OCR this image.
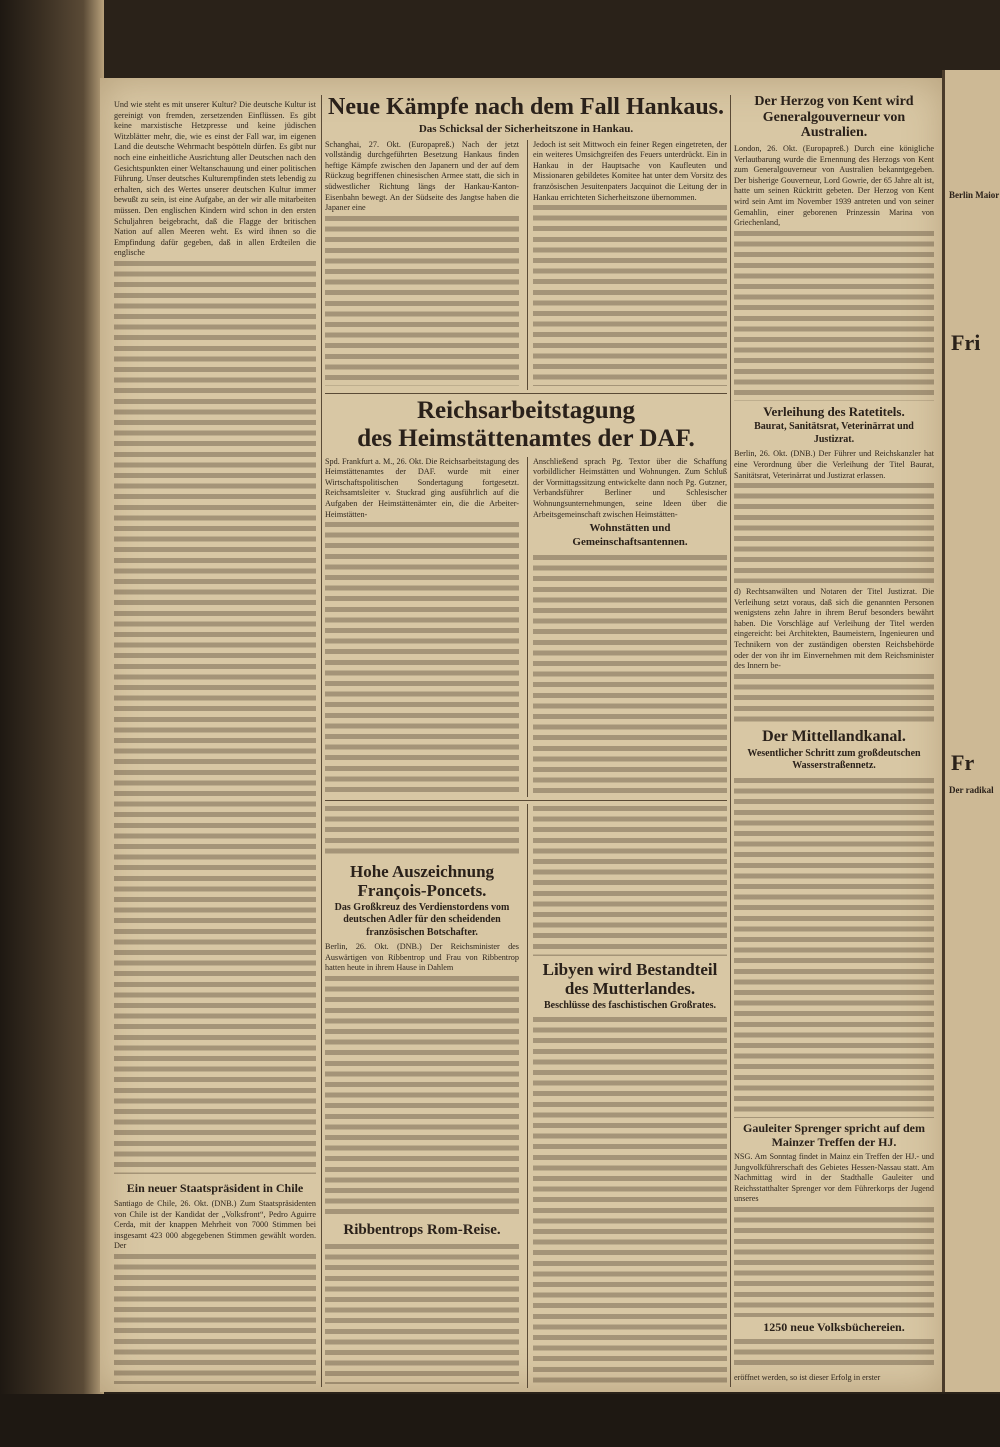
Berlin Maior
Fri
Fr
Der radikal

Und wie steht es mit unserer Kultur? Die deutsche Kultur ist gereinigt von fremden, zersetzenden Einflüssen. Es gibt keine marxistische Hetzpresse und keine jüdischen Witzblätter mehr, die, wie es einst der Fall war, im eigenen Land die deutsche Wehrmacht bespötteln dürfen. Es gibt nur noch eine einheitliche Ausrichtung aller Deutschen nach den Gesichtspunkten einer Weltanschauung und einer politischen Führung. Unser deutsches Kulturempfinden stets lebendig zu erhalten, sich des Wertes unserer deutschen Kultur immer bewußt zu sein, ist eine Aufgabe, an der wir alle mitarbeiten müssen. Den englischen Kindern wird schon in den ersten Schuljahren beigebracht, daß die Flagge der britischen Nation auf allen Meeren weht. Es wird ihnen so die Empfindung dafür gegeben, daß in allen Erdteilen die englische

Ein neuer Staatspräsident in Chile

Santiago de Chile, 26. Okt. (DNB.) Zum Staatspräsidenten von Chile ist der Kandidat der „Volksfront“, Pedro Aguirre Cerda, mit der knappen Mehrheit von 7000 Stimmen bei insgesamt 423 000 abgegebenen Stimmen gewählt worden. Der

Neue Kämpfe nach dem Fall Hankaus.
Das Schicksal der Sicherheitszone in Hankau.

Schanghai, 27. Okt. (Europapreß.) Nach der jetzt vollständig durchgeführten Besetzung Hankaus finden heftige Kämpfe zwischen den Japanern und der auf dem Rückzug begriffenen chinesischen Armee statt, die sich in südwestlicher Richtung längs der Hankau-Kanton-Eisenbahn bewegt. An der Südseite des Jangtse haben die Japaner eine

Jedoch ist seit Mittwoch ein feiner Regen eingetreten, der ein weiteres Umsichgreifen des Feuers unterdrückt. Ein in Hankau in der Hauptsache von Kaufleuten und Missionaren gebildetes Komitee hat unter dem Vorsitz des französischen Jesuitenpaters Jacquinot die Leitung der in Hankau errichteten Sicherheitszone übernommen.

Reichsarbeitstagung
des Heimstättenamtes der DAF.

Spd. Frankfurt a. M., 26. Okt. Die Reichsarbeitstagung des Heimstättenamtes der DAF. wurde mit einer Wirtschaftspolitischen Sondertagung fortgesetzt. Reichsamtsleiter v. Stuckrad ging ausführlich auf die Aufgaben der Heimstättenämter ein, die die Arbeiter-Heimstätten-

Anschließend sprach Pg. Textor über die Schaffung vorbildlicher Heimstätten und Wohnungen. Zum Schluß der Vormittagssitzung entwickelte dann noch Pg. Gutzner, Verbandsführer Berliner und Schlesischer Wohnungsunternehmungen, seine Ideen über die Arbeitsgemeinschaft zwischen Heimstätten-

Wohnstätten und Gemeinschaftsantennen.
Hohe Auszeichnung François-Poncets.
Das Großkreuz des Verdienstordens vom deutschen Adler für den scheidenden französischen Botschafter.

Berlin, 26. Okt. (DNB.) Der Reichsminister des Auswärtigen von Ribbentrop und Frau von Ribbentrop hatten heute in ihrem Hause in Dahlem

Ribbentrops Rom-Reise.
Libyen wird Bestandteil des Mutterlandes.
Beschlüsse des faschistischen Großrates.
Der Herzog von Kent wird Generalgouverneur von Australien.

London, 26. Okt. (Europapreß.) Durch eine königliche Verlautbarung wurde die Ernennung des Herzogs von Kent zum Generalgouverneur von Australien bekanntgegeben. Der bisherige Gouverneur, Lord Gowrie, der 65 Jahre alt ist, hatte um seinen Rücktritt gebeten. Der Herzog von Kent wird sein Amt im November 1939 antreten und von seiner Gemahlin, einer geborenen Prinzessin Marina von Griechenland,

Verleihung des Ratetitels.
Baurat, Sanitätsrat, Veterinärrat und Justizrat.

Berlin, 26. Okt. (DNB.) Der Führer und Reichskanzler hat eine Verordnung über die Verleihung der Titel Baurat, Sanitätsrat, Veterinärrat und Justizrat erlassen.

d) Rechtsanwälten und Notaren der Titel Justizrat. Die Verleihung setzt voraus, daß sich die genannten Personen wenigstens zehn Jahre in ihrem Beruf besonders bewährt haben. Die Vorschläge auf Verleihung der Titel werden eingereicht: bei Architekten, Baumeistern, Ingenieuren und Technikern von der zuständigen obersten Reichsbehörde oder der von ihr im Einvernehmen mit dem Reichsminister des Innern be-

Der Mittellandkanal.
Wesentlicher Schritt zum großdeutschen Wasserstraßennetz.
Gauleiter Sprenger spricht auf dem Mainzer Treffen der HJ.

NSG. Am Sonntag findet in Mainz ein Treffen der HJ.- und Jungvolkführerschaft des Gebietes Hessen-Nassau statt. Am Nachmittag wird in der Stadthalle Gauleiter und Reichsstatthalter Sprenger vor dem Führerkorps der Jugend unseres

1250 neue Volksbüchereien.

eröffnet werden, so ist dieser Erfolg in erster
